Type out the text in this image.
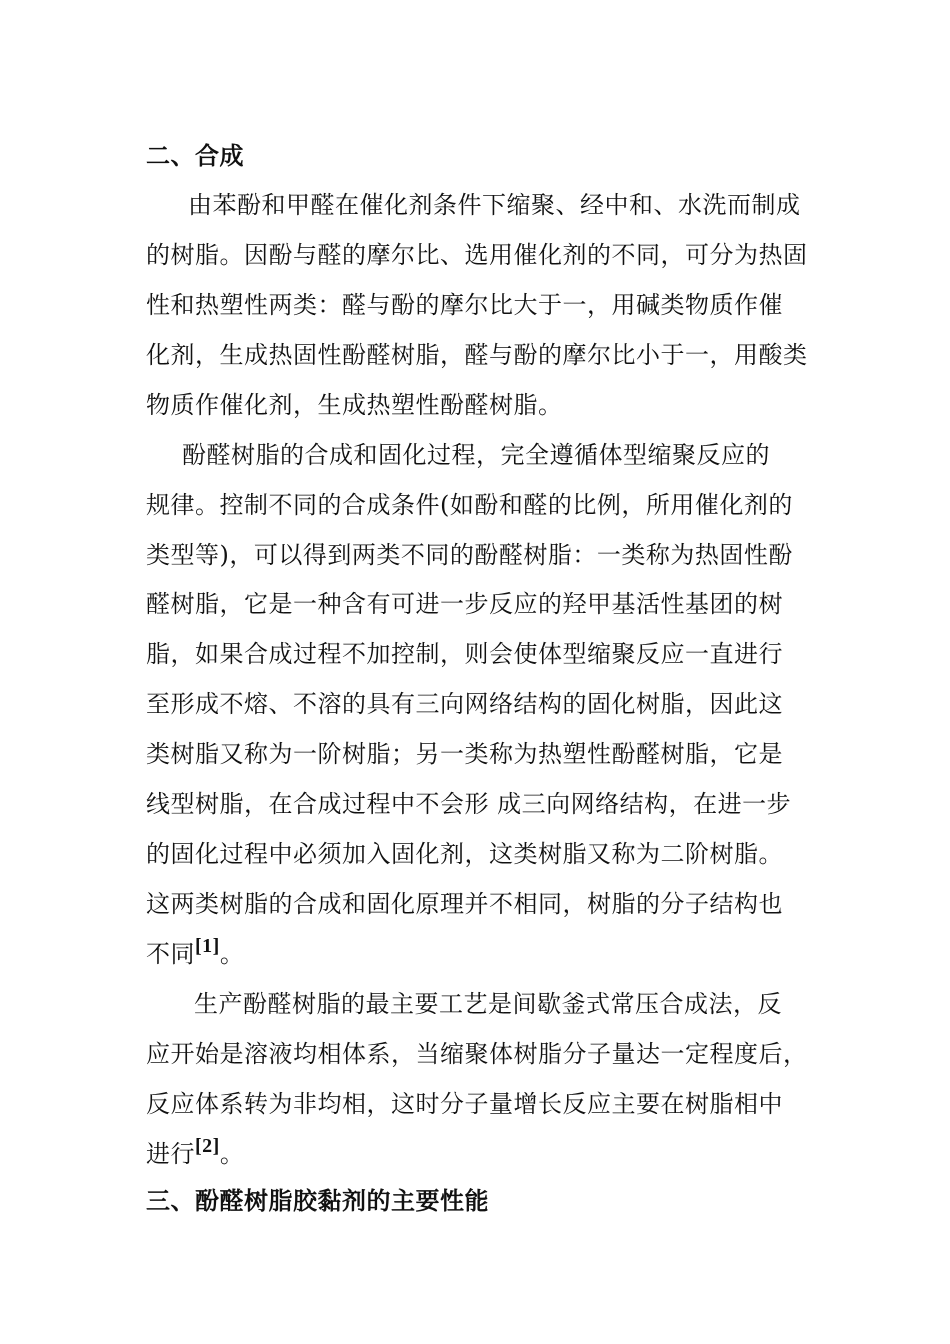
二、合成
由苯酚和甲醛在催化剂条件下缩聚、经中和、水洗而制成
的树脂。因酚与醛的摩尔比、选用催化剂的不同，可分为热固
性和热塑性两类：醛与酚的摩尔比大于一，用碱类物质作催
化剂，生成热固性酚醛树脂，醛与酚的摩尔比小于一，用酸类
物质作催化剂，生成热塑性酚醛树脂。
酚醛树脂的合成和固化过程，完全遵循体型缩聚反应的
规律。控制不同的合成条件(如酚和醛的比例，所用催化剂的
类型等)，可以得到两类不同的酚醛树脂：一类称为热固性酚
醛树脂，它是一种含有可进一步反应的羟甲基活性基团的树
脂，如果合成过程不加控制，则会使体型缩聚反应一直进行
至形成不熔、不溶的具有三向网络结构的固化树脂，因此这
类树脂又称为一阶树脂；另一类称为热塑性酚醛树脂，它是
线型树脂，在合成过程中不会形 成三向网络结构，在进一步
的固化过程中必须加入固化剂，这类树脂又称为二阶树脂。
这两类树脂的合成和固化原理并不相同，树脂的分子结构也
不同[1]。
生产酚醛树脂的最主要工艺是间歇釜式常压合成法，反
应开始是溶液均相体系，当缩聚体树脂分子量达一定程度后，
反应体系转为非均相，这时分子量增长反应主要在树脂相中
进行[2]。
三、酚醛树脂胶黏剂的主要性能
